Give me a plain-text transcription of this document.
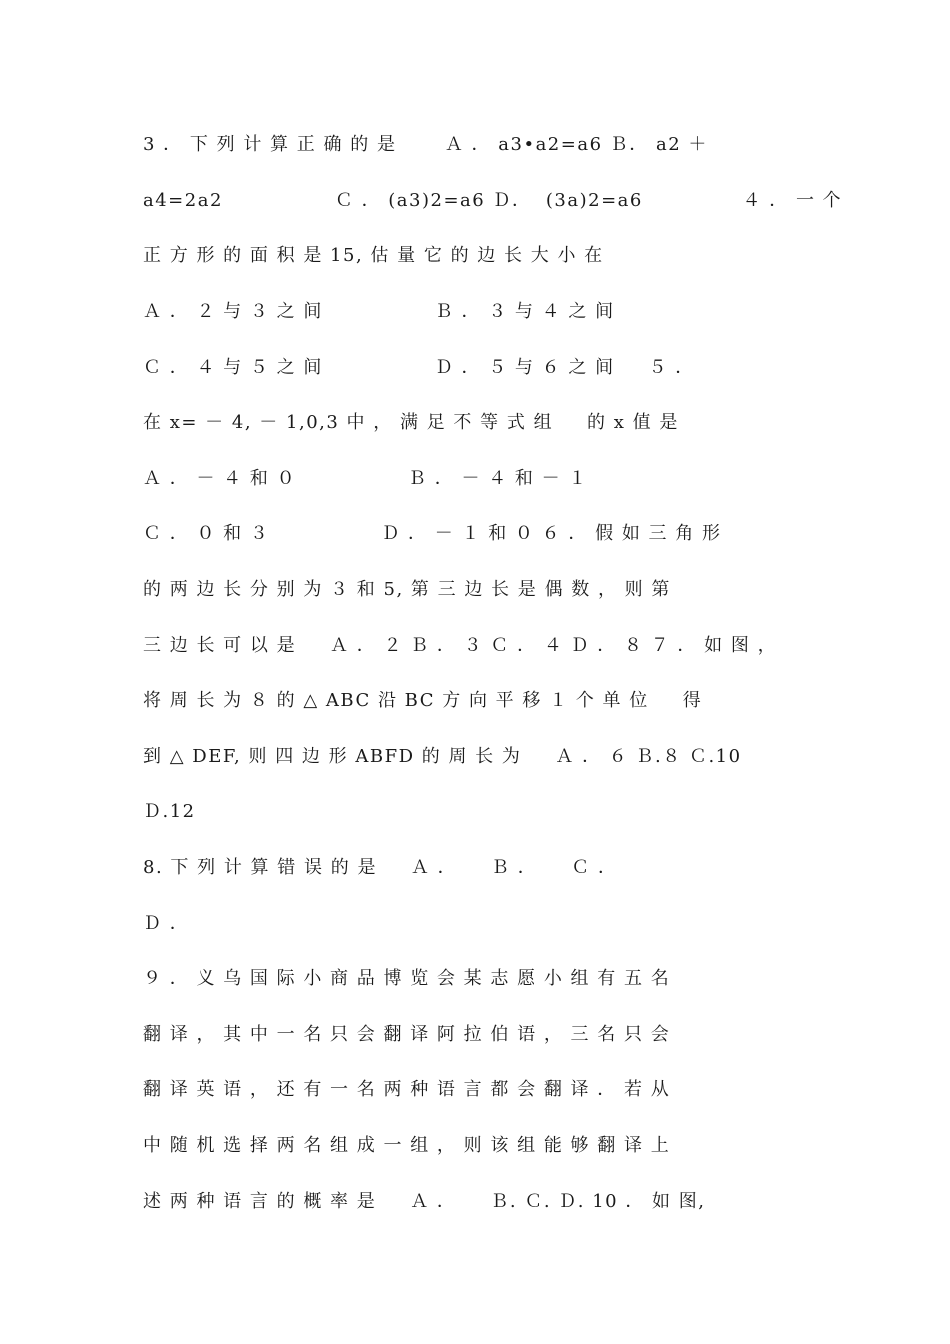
3 ． 下 列 计 算 正 确 的 是   　 Ａ ． a3•a2=a6 Ｂ． a2 ＋
a4=2a2　　　　 　 Ｃ ． (a3)2=a6 Ｄ．  (3a)2=a6 　　　 　 ４ ． 一 个
正 方 形 的 面 积 是 15, 估 量 它 的 边 长 大 小 在
Ａ ． ２ 与 ３ 之 间 　　　　　 Ｂ ． ３ 与 ４ 之 间
Ｃ ． ４ 与 ５ 之 间 　　　　　 Ｄ ． ５ 与 ６ 之 间 　 ５ ．
在 x= － 4, － 1,0,3 中 ， 满 足 不 等 式 组 　 的 x 值 是
Ａ ． － ４ 和 ０ 　　　　　 Ｂ ． － ４ 和 － １
Ｃ ． ０ 和 ３ 　　　　　 Ｄ ． － １ 和 ０ ６ ． 假 如 三 角 形
的 两 边 长 分 别 为 ３ 和 5, 第 三 边 长 是 偶 数 ， 则 第
三 边 长 可 以 是 　 Ａ ． ２ Ｂ ． ３ Ｃ ． ４ Ｄ ． ８ ７ ． 如 图 ，
将 周 长 为 ８ 的 △ ABC 沿 BC 方 向 平 移 １ 个 单 位 　 得
到 △ DEF, 则 四 边 形 ABFD 的 周 长 为 　 Ａ ． ６ Ｂ.８ Ｃ.10
Ｄ.12
8. 下 列 计 算 错 误 的 是 　 Ａ ． 　 Ｂ ． 　 Ｃ ．
Ｄ ．
９ ． 义 乌 国 际 小 商 品 博 览 会 某 志 愿 小 组 有 五 名
翻 译 ， 其 中 一 名 只 会 翻 译 阿 拉 伯 语 ， 三 名 只 会
翻 译 英 语 ， 还 有 一 名 两 种 语 言 都 会 翻 译 ． 若 从
中 随 机 选 择 两 名 组 成 一 组 ， 则 该 组 能 够 翻 译 上
述 两 种 语 言 的 概 率 是 　 Ａ ． 　 Ｂ. Ｃ. Ｄ. 10 ． 如 图,
